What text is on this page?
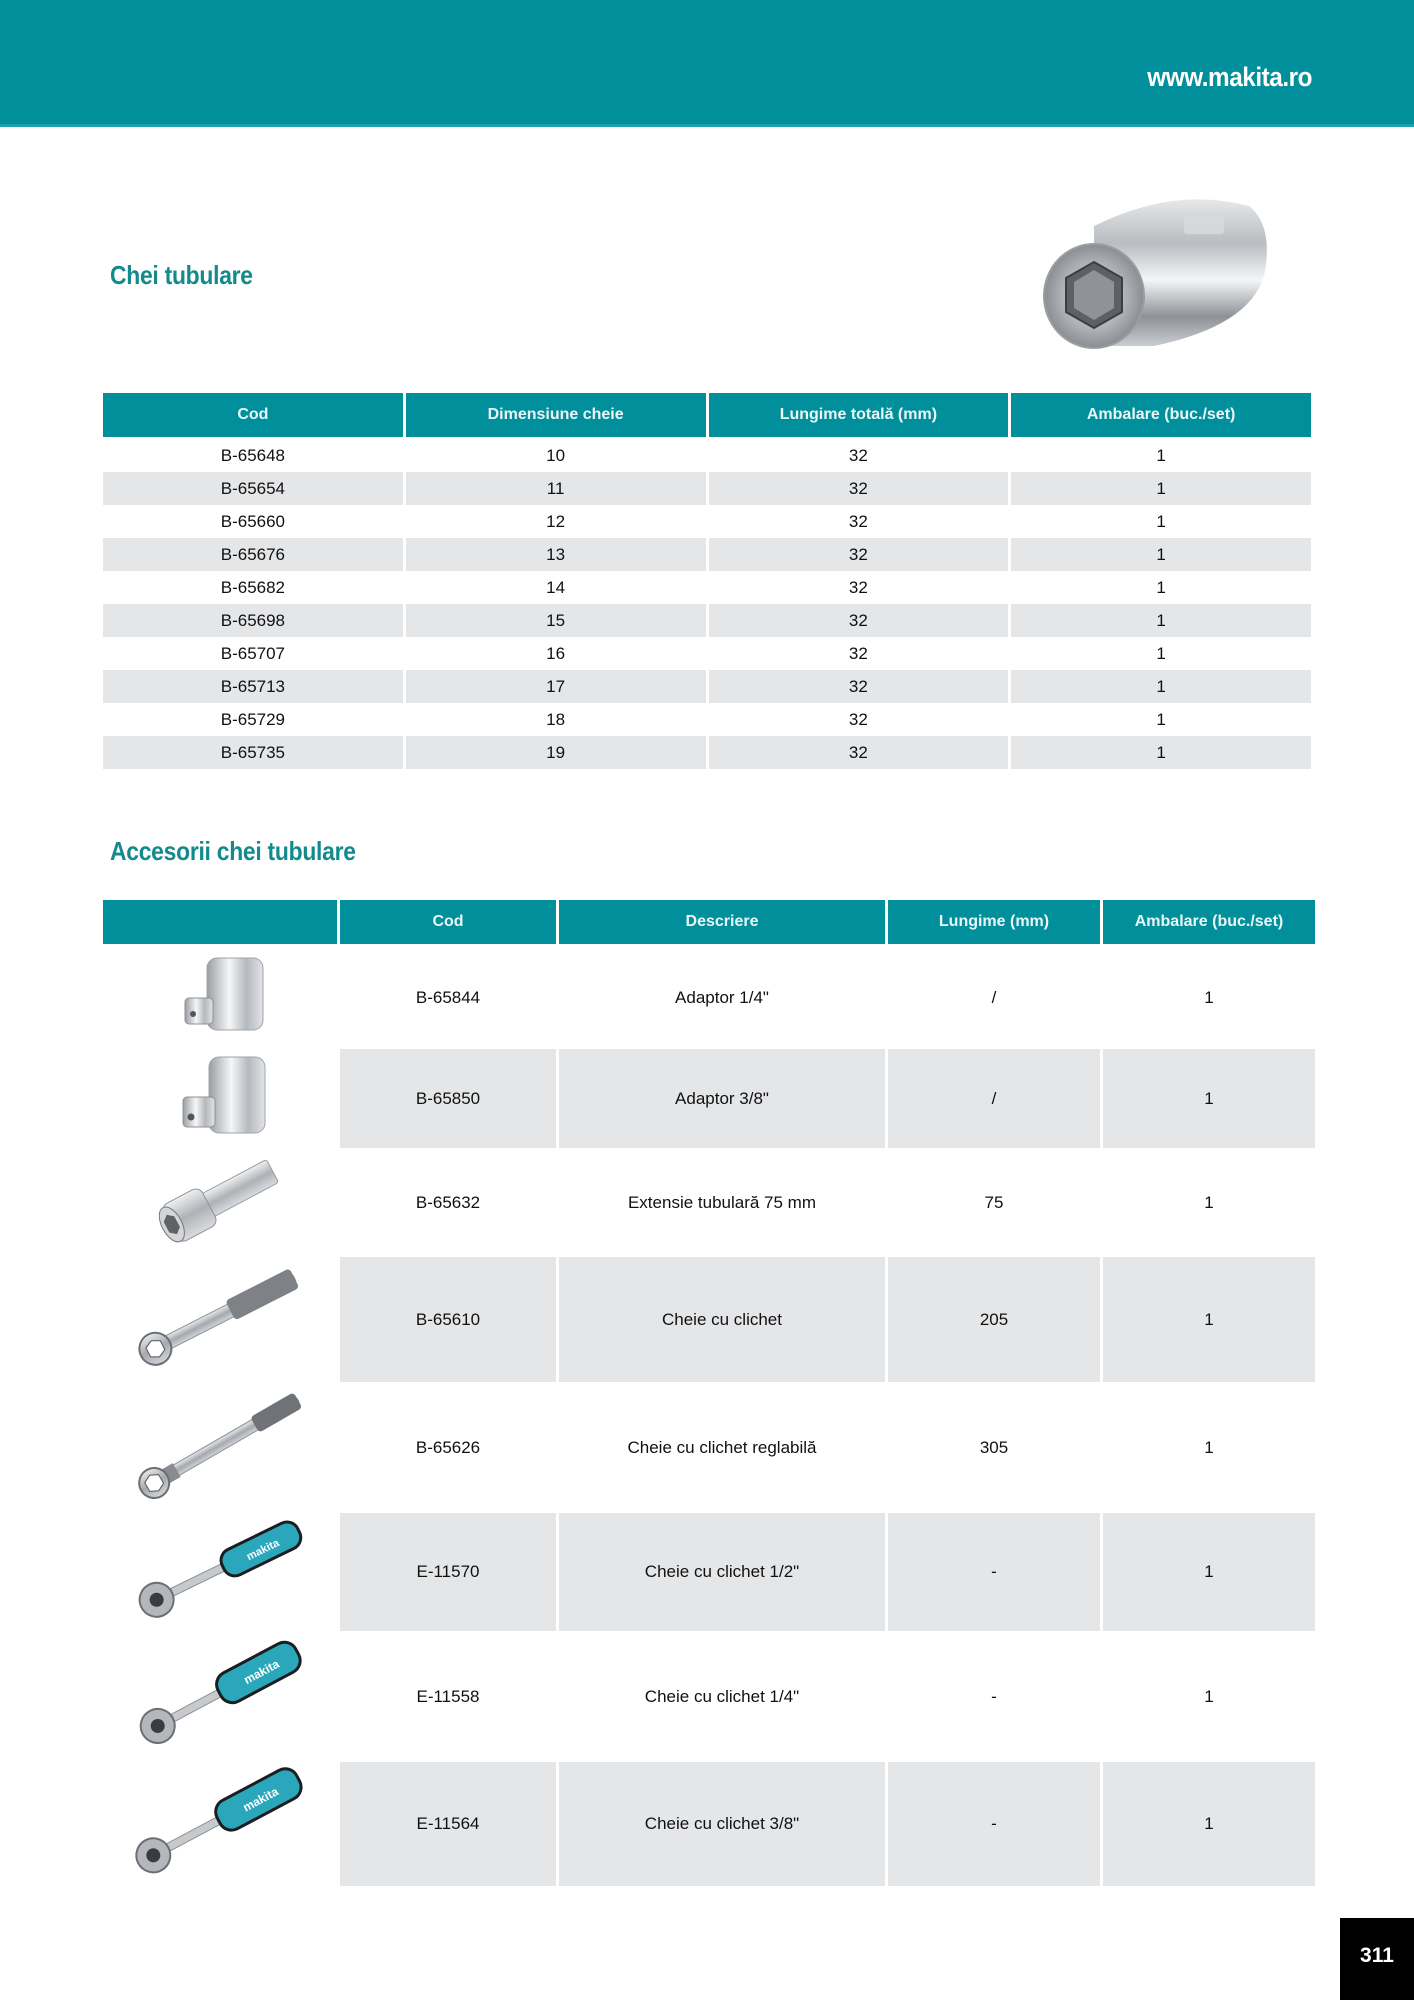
www.makita.ro
Chei tubulare
Cod	Dimensiune cheie	Lungime totală (mm)	Ambalare (buc./set)
B-65648	10	32	1
B-65654	11	32	1
B-65660	12	32	1
B-65676	13	32	1
B-65682	14	32	1
B-65698	15	32	1
B-65707	16	32	1
B-65713	17	32	1
B-65729	18	32	1
B-65735	19	32	1
Accesorii chei tubulare
	Cod	Descriere	Lungime (mm)	Ambalare (buc./set)

	B-65844	Adaptor 1/4"	/	1

	B-65850	Adaptor 3/8"	/	1

	B-65632	Extensie tubulară 75 mm	75	1

	B-65610	Cheie cu clichet	205	1

	B-65626	Cheie cu clichet reglabilă	305	1

makita	E-11570	Cheie cu clichet 1/2"	-	1

makita	E-11558	Cheie cu clichet 1/4"	-	1

makita	E-11564	Cheie cu clichet 3/8"	-	1
311
